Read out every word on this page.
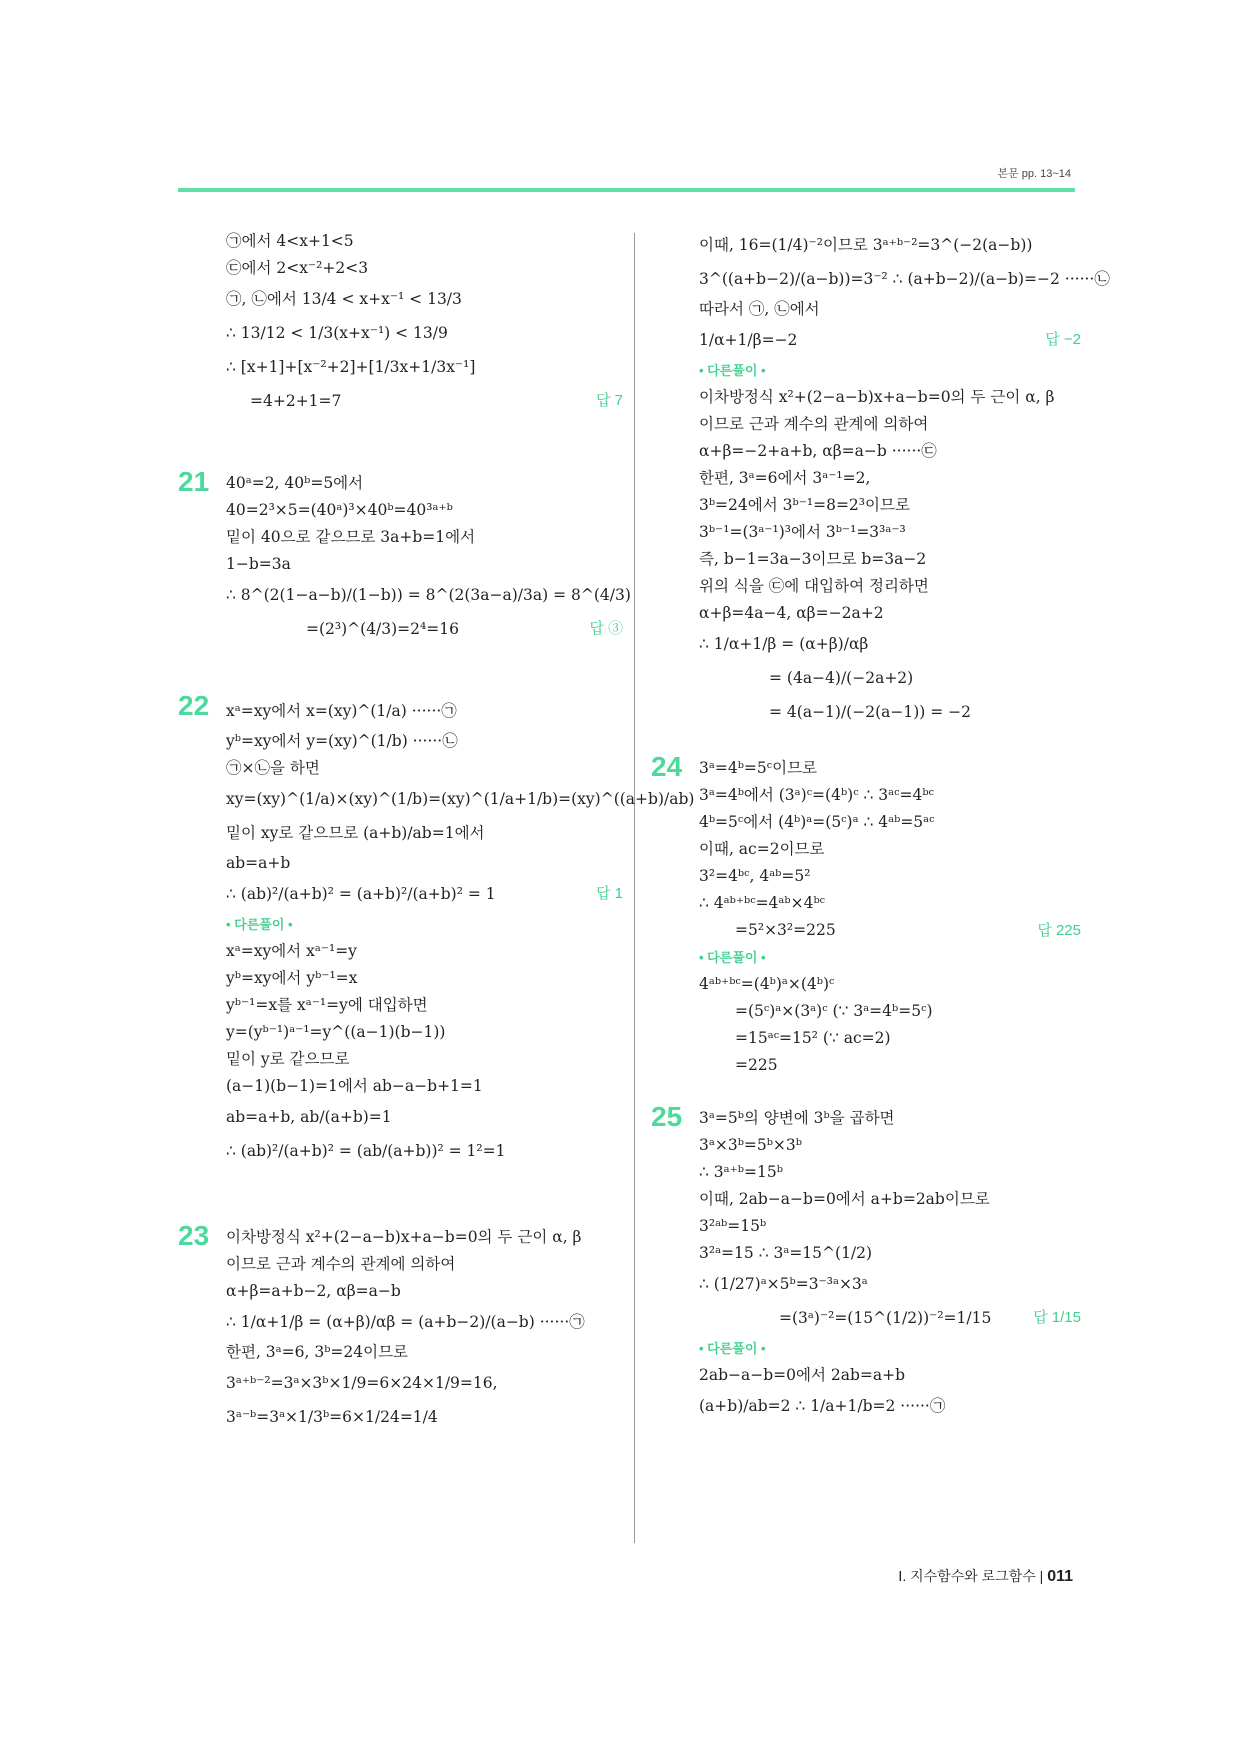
본문 pp. 13~14
㉠에서 4<x+1<5
㉢에서 2<x⁻²+2<3
㉠, ㉡에서 13/4 < x+x⁻¹ < 13/3
∴ 13/12 < 1/3(x+x⁻¹) < 13/9
∴ [x+1]+[x⁻²+2]+[1/3x+1/3x⁻¹]
=4+2+1=7	답 7
21 40ᵃ=2, 40ᵇ=5에서
40=2³×5=(40ᵃ)³×40ᵇ=40³ᵃ⁺ᵇ
밑이 40으로 같으므로 3a+b=1에서
1−b=3a
∴ 8^(2(1−a−b)/(1−b)) = 8^(2(3a−a)/3a) = 8^(4/3)
=(2³)^(4/3)=2⁴=16	답 ③
22 xᵃ=xy에서 x=(xy)^(1/a) ······㉠
yᵇ=xy에서 y=(xy)^(1/b) ······㉡
㉠×㉡을 하면
xy=(xy)^(1/a)×(xy)^(1/b)=(xy)^(1/a+1/b)=(xy)^((a+b)/ab)
밑이 xy로 같으므로 (a+b)/ab=1에서
ab=a+b
∴ (ab)²/(a+b)² = (a+b)²/(a+b)² = 1	답 1
• 다른풀이 •
xᵃ=xy에서 xᵃ⁻¹=y
yᵇ=xy에서 yᵇ⁻¹=x
yᵇ⁻¹=x를 xᵃ⁻¹=y에 대입하면
y=(yᵇ⁻¹)ᵃ⁻¹=y^((a−1)(b−1))
밑이 y로 같으므로
(a−1)(b−1)=1에서 ab−a−b+1=1
ab=a+b, ab/(a+b)=1
∴ (ab)²/(a+b)² = (ab/(a+b))² = 1²=1
23 이차방정식 x²+(2−a−b)x+a−b=0의 두 근이 α, β
이므로 근과 계수의 관계에 의하여
α+β=a+b−2, αβ=a−b
∴ 1/α+1/β = (α+β)/αβ = (a+b−2)/(a−b) ······㉠
한편, 3ᵃ=6, 3ᵇ=24이므로
3ᵃ⁺ᵇ⁻²=3ᵃ×3ᵇ×1/9=6×24×1/9=16,
3ᵃ⁻ᵇ=3ᵃ×1/3ᵇ=6×1/24=1/4
이때, 16=(1/4)⁻²이므로 3ᵃ⁺ᵇ⁻²=3^(−2(a−b))
3^((a+b−2)/(a−b))=3⁻² ∴ (a+b−2)/(a−b)=−2 ······㉡
따라서 ㉠, ㉡에서
1/α+1/β=−2	답 −2
• 다른풀이 •
이차방정식 x²+(2−a−b)x+a−b=0의 두 근이 α, β
이므로 근과 계수의 관계에 의하여
α+β=−2+a+b, αβ=a−b ······㉢
한편, 3ᵃ=6에서 3ᵃ⁻¹=2,
3ᵇ=24에서 3ᵇ⁻¹=8=2³이므로
3ᵇ⁻¹=(3ᵃ⁻¹)³에서 3ᵇ⁻¹=3³ᵃ⁻³
즉, b−1=3a−3이므로 b=3a−2
위의 식을 ㉢에 대입하여 정리하면
α+β=4a−4, αβ=−2a+2
∴ 1/α+1/β = (α+β)/αβ
= (4a−4)/(−2a+2)
= 4(a−1)/(−2(a−1)) = −2
24 3ᵃ=4ᵇ=5ᶜ이므로
3ᵃ=4ᵇ에서 (3ᵃ)ᶜ=(4ᵇ)ᶜ ∴ 3ᵃᶜ=4ᵇᶜ
4ᵇ=5ᶜ에서 (4ᵇ)ᵃ=(5ᶜ)ᵃ ∴ 4ᵃᵇ=5ᵃᶜ
이때, ac=2이므로
3²=4ᵇᶜ, 4ᵃᵇ=5²
∴ 4ᵃᵇ⁺ᵇᶜ=4ᵃᵇ×4ᵇᶜ
=5²×3²=225	답 225
• 다른풀이 •
4ᵃᵇ⁺ᵇᶜ=(4ᵇ)ᵃ×(4ᵇ)ᶜ
=(5ᶜ)ᵃ×(3ᵃ)ᶜ (∵ 3ᵃ=4ᵇ=5ᶜ)
=15ᵃᶜ=15² (∵ ac=2)
=225
25 3ᵃ=5ᵇ의 양변에 3ᵇ을 곱하면
3ᵃ×3ᵇ=5ᵇ×3ᵇ
∴ 3ᵃ⁺ᵇ=15ᵇ
이때, 2ab−a−b=0에서 a+b=2ab이므로
3²ᵃᵇ=15ᵇ
3²ᵃ=15 ∴ 3ᵃ=15^(1/2)
∴ (1/27)ᵃ×5ᵇ=3⁻³ᵃ×3ᵃ
=(3ᵃ)⁻²=(15^(1/2))⁻²=1/15	답 1/15
• 다른풀이 •
2ab−a−b=0에서 2ab=a+b
(a+b)/ab=2 ∴ 1/a+1/b=2 ······㉠
Ⅰ. 지수함수와 로그함수 | 011
